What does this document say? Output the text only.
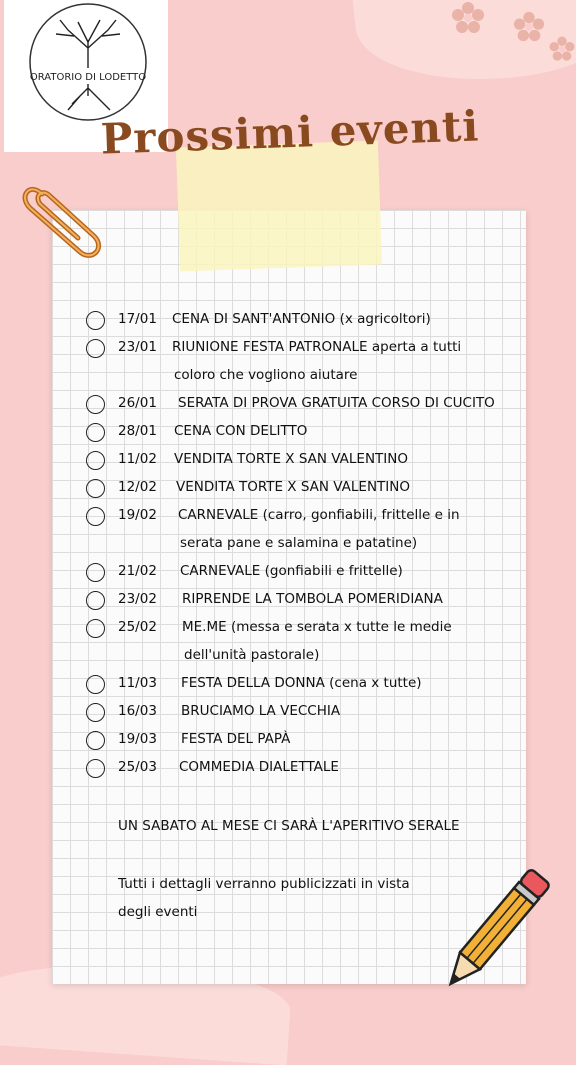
ORATORIO DI LODETTO
Prossimi eventi
17/01 CENA DI SANT'ANTONIO (x agricoltori)
23/01 RIUNIONE FESTA PATRONALE aperta a tutti
coloro che vogliono aiutare
26/01 SERATA DI PROVA GRATUITA CORSO DI CUCITO
28/01 CENA CON DELITTO
11/02 VENDITA TORTE X SAN VALENTINO
12/02 VENDITA TORTE X SAN VALENTINO
19/02 CARNEVALE (carro, gonfiabili, frittelle e in
serata pane e salamina e patatine)
21/02 CARNEVALE (gonfiabili e frittelle)
23/02 RIPRENDE LA TOMBOLA POMERIDIANA
25/02 ME.ME (messa e serata x tutte le medie
dell'unità pastorale)
11/03 FESTA DELLA DONNA (cena x tutte)
16/03 BRUCIAMO LA VECCHIA
19/03 FESTA DEL PAPÀ
25/03 COMMEDIA DIALETTALE
UN SABATO AL MESE CI SARÀ L'APERITIVO SERALE
Tutti i dettagli verranno publicizzati in vista
degli eventi
